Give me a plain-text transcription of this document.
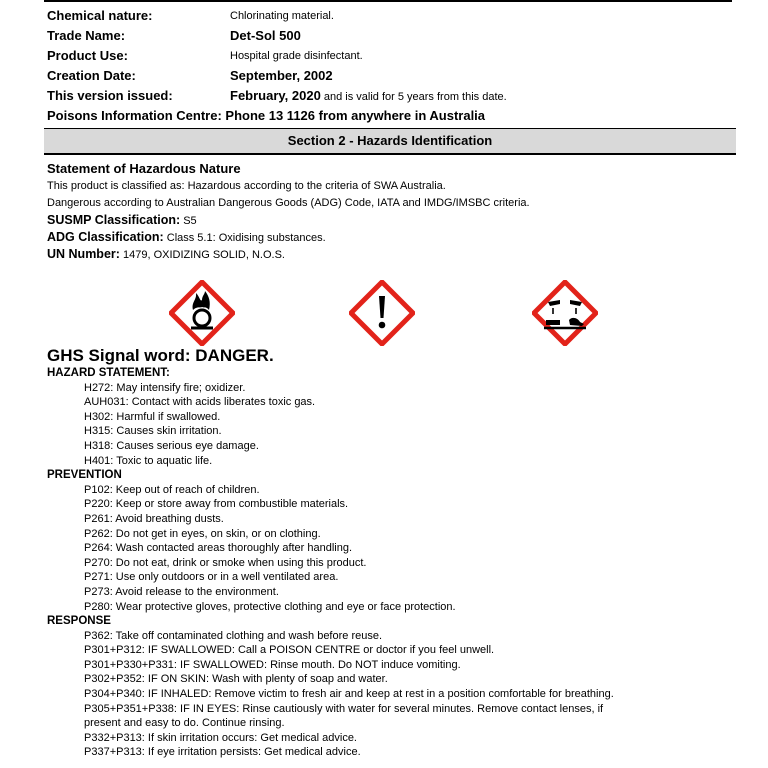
Chemical nature:	Chlorinating material.
Trade Name:	Det-Sol 500
Product Use:	Hospital grade disinfectant.
Creation Date:	September, 2002
This version issued:	February, 2020 and is valid for 5 years from this date.
Poisons Information Centre: Phone 13 1126 from anywhere in Australia
Section 2 - Hazards Identification
Statement of Hazardous Nature
This product is classified as: Hazardous according to the criteria of SWA Australia.
Dangerous according to Australian Dangerous Goods (ADG) Code, IATA and IMDG/IMSBC criteria.
SUSMP Classification: S5
ADG Classification: Class 5.1: Oxidising substances.
UN Number: 1479, OXIDIZING SOLID, N.O.S.
GHS Signal word: DANGER.
HAZARD STATEMENT:
H272: May intensify fire; oxidizer.
AUH031: Contact with acids liberates toxic gas.
H302: Harmful if swallowed.
H315: Causes skin irritation.
H318: Causes serious eye damage.
H401: Toxic to aquatic life.
PREVENTION
P102: Keep out of reach of children.
P220: Keep or store away from combustible materials.
P261: Avoid breathing dusts.
P262: Do not get in eyes, on skin, or on clothing.
P264: Wash contacted areas thoroughly after handling.
P270: Do not eat, drink or smoke when using this product.
P271: Use only outdoors or in a well ventilated area.
P273: Avoid release to the environment.
P280: Wear protective gloves, protective clothing and eye or face protection.
RESPONSE
P362: Take off contaminated clothing and wash before reuse.
P301+P312: IF SWALLOWED: Call a POISON CENTRE or doctor if you feel unwell.
P301+P330+P331: IF SWALLOWED: Rinse mouth. Do NOT induce vomiting.
P302+P352: IF ON SKIN: Wash with plenty of soap and water.
P304+P340: IF INHALED: Remove victim to fresh air and keep at rest in a position comfortable for breathing.
P305+P351+P338: IF IN EYES: Rinse cautiously with water for several minutes. Remove contact lenses, if
present and easy to do. Continue rinsing.
P332+P313: If skin irritation occurs: Get medical advice.
P337+P313: If eye irritation persists: Get medical advice.
